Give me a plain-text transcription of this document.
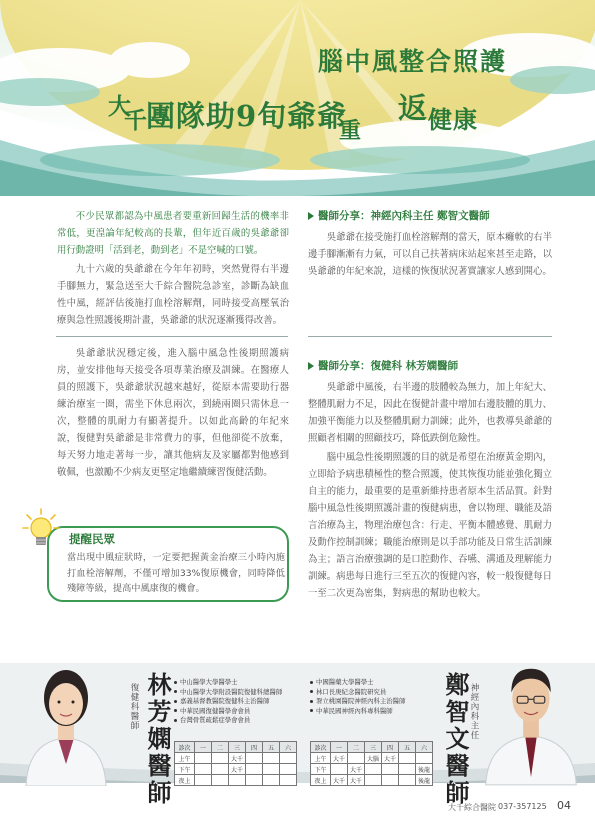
腦中風整合照護
大
千 團隊助9旬爺爺
重
返 健康

不少民眾都認為中風患者要重新回歸生活的機率非常低，更湟論年紀較高的長輩，但年近百歲的吳爺爺卻用行動證明「活到老，動到老」不是空喊的口號。

九十六歲的吳爺爺在今年年初時，突然覺得右半邊手腳無力，緊急送至大千綜合醫院急診室，診斷為缺血性中風，經評估後施打血栓溶解劑，同時接受高壓氧治療與急性照護後期計畫，吳爺爺的狀況逐漸獲得改善。

吳爺爺狀況穩定後，進入腦中風急性後期照護病房，並安排他每天接受各項專業治療及訓練。在醫療人員的照護下，吳爺爺狀況越來越好，從原本需要助行器練治療室一圈，需坐下休息兩次，到繞兩圈只需休息一次，整體的肌耐力有顯著提升。以如此高齡的年紀來說，復健對吳爺爺是非常費力的事，但他卻從不放棄，每天努力地走著每一步，讓其他病友及家屬都對他感到敬佩，也激勵不少病友更堅定地繼續練習復健活動。

提醒民眾
當出現中風症狀時，一定要把握黃金治療三小時內施打血栓溶解劑，不僅可增加33%復原機會，同時降低殘障等級，提高中風康復的機會。
醫師分享：神經內科主任 鄭智文醫師

吳爺爺在接受施打血栓溶解劑的當天，原本癱軟的右半邊手腳漸漸有力氣，可以自己扶著病床站起來甚至走路，以吳爺爺的年紀來說，這樣的恢復狀況著實讓家人感到開心。

醫師分享：復健科 林芳嫻醫師

吳爺爺中風後，右半邊的肢體較為無力，加上年紀大、整體肌耐力不足，因此在復健計畫中增加右邊肢體的肌力、加強平衡能力以及整體肌耐力訓練；此外，也教導吳爺爺的照顧者相關的照顧技巧，降低跌倒危險性。

腦中風急性後期照護的目的就是希望在治療黃金期內，立即給予病患積極性的整合照護，使其恢復功能並強化獨立自主的能力，最重要的是重新維持患者原本生活品質。針對腦中風急性後期照護計畫的復健病患，會以物理、職能及語言治療為主，物理治療包含：行走、平衡本體感覺、肌耐力及動作控制訓練；職能治療則是以手部功能及日常生活訓練為主；語言治療強調的是口腔動作、吞嚥、溝通及理解能力訓練。病患每日進行三至五次的復健內容，較一般復健每日一至二次更為密集，對病患的幫助也較大。

林芳嫻醫師
復健科醫師
中山醫學大學醫學士
中山醫學大學附設醫院復健科總醫師
嘉義基督教醫院復健科主治醫師
中華民國復健醫學會會員
台灣骨質疏鬆症學會會員
診次	一	二	三	四	五	六
上午			大千			
下午			大千			
夜上						
中國醫藥大學醫學士
林口長庚紀念醫院研究員
署立桃園醫院神經內科主治醫師
中華民國神經內科專科醫師
診次	一	二	三	四	五	六
上午	大千		大腦	大千		
下午		大千				後龍
夜上	大千	大千				後龍 鄭智文醫師 神經內科主任
大千綜合醫院 037-357125 04
